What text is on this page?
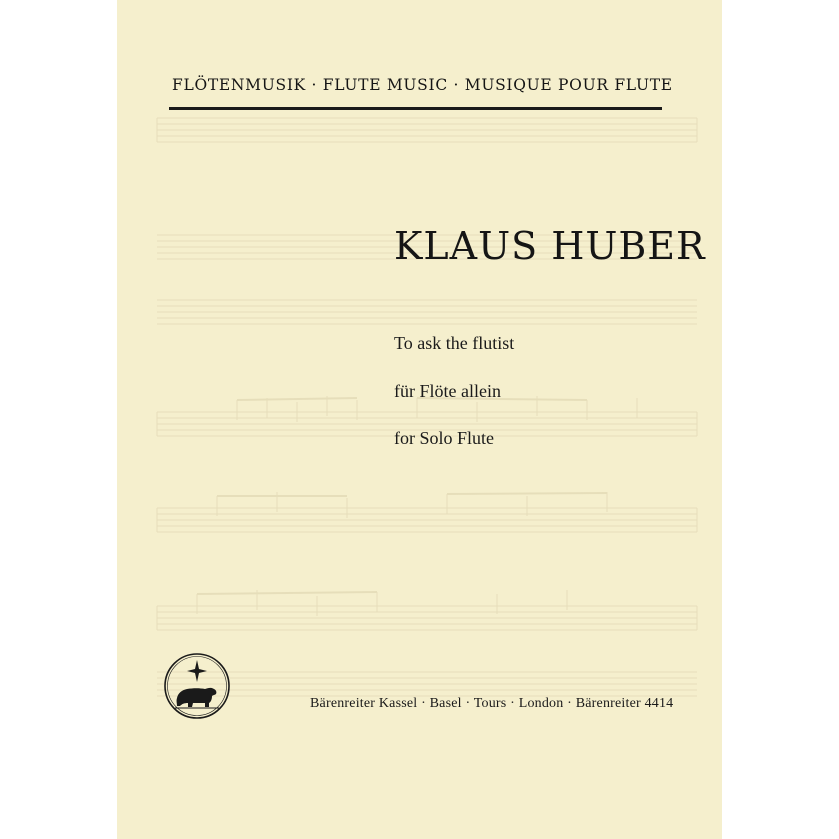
FLÖTENMUSIK · FLUTE MUSIC · MUSIQUE POUR FLUTE
KLAUS HUBER
To ask the flutist
für Flöte allein
for Solo Flute
Bärenreiter Kassel · Basel · Tours · London · Bärenreiter 4414
